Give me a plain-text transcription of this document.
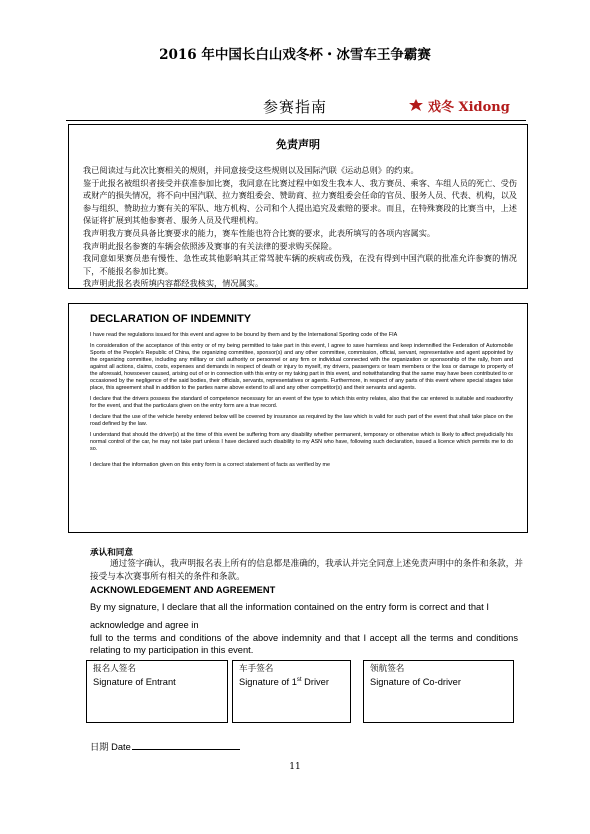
2016 年中国长白山戏冬杯・冰雪车王争霸赛
参赛指南	戏冬 Xidong
免责声明

我已阅读过与此次比赛相关的规则，并同意接受这些规则以及国际汽联《运动总则》的约束。

鉴于此报名被组织者接受并获准参加比赛，我同意在比赛过程中如发生我本人、我方赛员、乘客、车组人员的死亡、受伤或财产的损失情况，将不向中国汽联、拉力赛组委会、赞助商、拉力赛组委会任命的官员、服务人员、代表、机构，以及参与组织、赞助拉力赛有关的军队、地方机构、公司和个人提出追究及索赔的要求。而且，在特殊赛段的比赛当中，上述保证将扩展到其他参赛者、服务人员及代理机构。

我声明我方赛员具备比赛要求的能力，赛车性能也符合比赛的要求，此表所填写的各项内容属实。

我声明此报名参赛的车辆会依照涉及赛事的有关法律的要求购买保险。

我同意如果赛员患有慢性、急性或其他影响其正常驾驶车辆的疾病或伤残，在没有得到中国汽联的批准允许参赛的情况下，不能报名参加比赛。

我声明此报名表所填内容都经我核实，情况属实。

DECLARATION OF INDEMNITY

I have read the regulations issued for this event and agree to be bound by them and by the International Sporting code of the FIA

In consideration of the acceptance of this entry or of my being permitted to take part in this event, I agree to save harmless and keep indemnified the Federation of Automobile Sports of the People's Republic of China, the organizing committee, sponsor(s) and any other committee, commission, official, servant, representative and agent appointed by the organizing committee, including any military or civil authority or personnel or any firm or individual connected with the organization or sponsorship of the rally, from and against all actions, claims, costs, expenses and demands in respect of death or injury to myself, my drivers, passengers or team members or the loss or damage to property of the aforesaid, howsoever caused, arising out of or in connection with this entry or my taking part in this event, and notwithstanding that the same may have been contributed to or occasioned by the negligence of the said bodies, their officials, servants, representatives or agents. Furthermore, in respect of any parts of this event where special stages take place, this agreement shall in addition to the parties name above extend to all and any other competitor(s) and their servants and agents.

I declare that the drivers possess the standard of competence necessary for an event of the type to which this entry relates, also that the car entered is suitable and roadworthy for the event, and that the particulars given on the entry form are a true record.

I declare that the use of the vehicle hereby entered below will be covered by insurance as required by the law which is valid for such part of the event that shall take place on the road defined by the law.

I understand that should the driver(s) at the time of this event be suffering from any disability whether permanent, temporary or otherwise which is likely to affect prejudicially his normal control of the car, he may not take part unless I have declared such disability to my ASN who have, following such declaration, issued a licence which permits me to do so.

I declare that the information given on this entry form is a correct statement of facts as verified by me

承认和同意
通过签字确认，我声明报名表上所有的信息都是准确的，我承认并完全同意上述免责声明中的条件和条款，并接受与本次赛事所有相关的条件和条款。
ACKNOWLEDGEMENT AND AGREEMENT
By my signature, I declare that all the information contained on the entry form is correct and that I
acknowledge and agree in
full to the terms and conditions of the above indemnity and that I accept all the terms and conditions relating to my participation in this event.
报名人签名
Signature of Entrant
车手签名
Signature of 1st Driver
领航签名
Signature of Co-driver
日期 Date
11
